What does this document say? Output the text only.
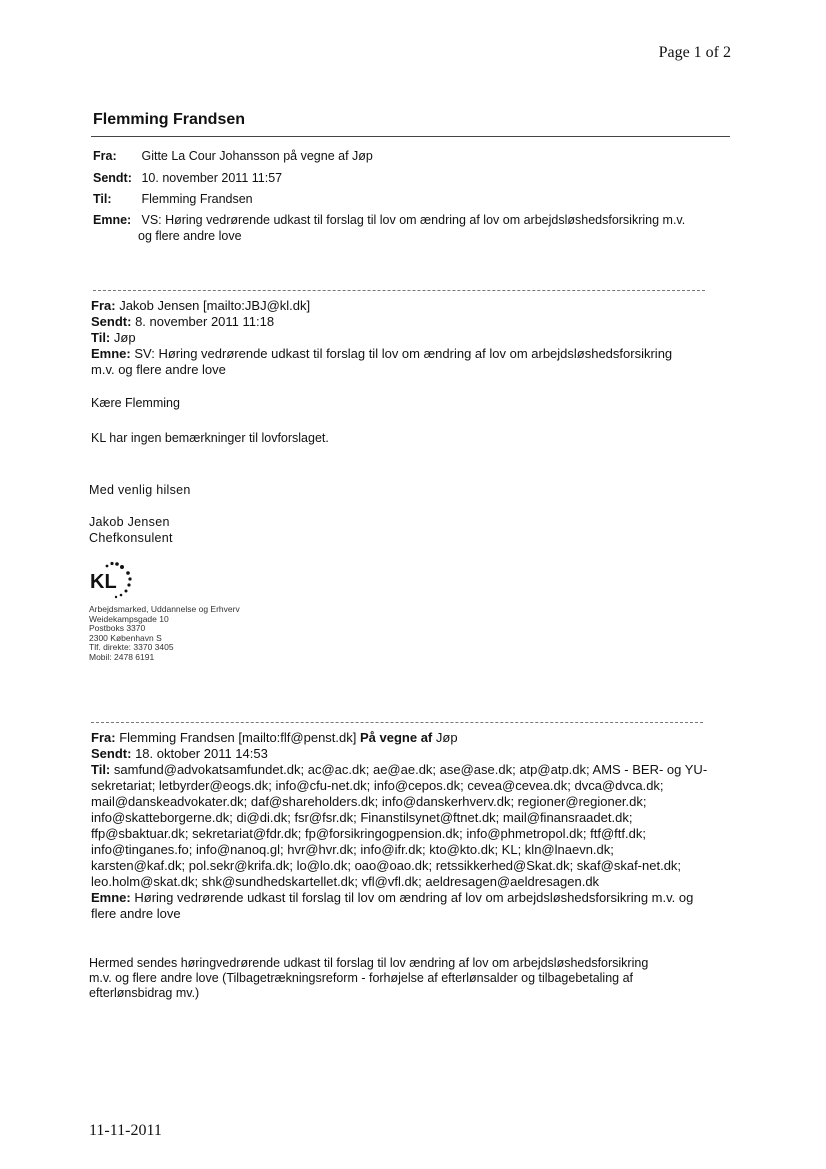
Page 1 of 2
Flemming Frandsen
Fra: Gitte La Cour Johansson på vegne af Jøp
Sendt: 10. november 2011 11:57
Til: Flemming Frandsen
Emne: VS: Høring vedrørende udkast til forslag til lov om ændring af lov om arbejdsløshedsforsikring m.v.
og flere andre love
Fra: Jakob Jensen [mailto:JBJ@kl.dk]
Sendt: 8. november 2011 11:18
Til: Jøp
Emne: SV: Høring vedrørende udkast til forslag til lov om ændring af lov om arbejdsløshedsforsikring
m.v. og flere andre love
Kære Flemming
KL har ingen bemærkninger til lovforslaget.
Med venlig hilsen
Jakob Jensen
Chefkonsulent
KL
Arbejdsmarked, Uddannelse og Erhverv
Weidekampsgade 10
Postboks 3370
2300 København S
Tlf. direkte: 3370 3405
Mobil: 2478 6191
Fra: Flemming Frandsen [mailto:flf@penst.dk] På vegne af Jøp
Sendt: 18. oktober 2011 14:53
Til: samfund@advokatsamfundet.dk; ac@ac.dk; ae@ae.dk; ase@ase.dk; atp@atp.dk; AMS - BER- og YU-
sekretariat; letbyrder@eogs.dk; info@cfu-net.dk; info@cepos.dk; cevea@cevea.dk; dvca@dvca.dk;
mail@danskeadvokater.dk; daf@shareholders.dk; info@danskerhverv.dk; regioner@regioner.dk;
info@skatteborgerne.dk; di@di.dk; fsr@fsr.dk; Finanstilsynet@ftnet.dk; mail@finansraadet.dk;
ffp@sbaktuar.dk; sekretariat@fdr.dk; fp@forsikringogpension.dk; info@phmetropol.dk; ftf@ftf.dk;
info@tinganes.fo; info@nanoq.gl; hvr@hvr.dk; info@ifr.dk; kto@kto.dk; KL; kln@lnaevn.dk;
karsten@kaf.dk; pol.sekr@krifa.dk; lo@lo.dk; oao@oao.dk; retssikkerhed@Skat.dk; skaf@skaf-net.dk;
leo.holm@skat.dk; shk@sundhedskartellet.dk; vfl@vfl.dk; aeldresagen@aeldresagen.dk
Emne: Høring vedrørende udkast til forslag til lov om ændring af lov om arbejdsløshedsforsikring m.v. og
flere andre love
Hermed sendes høringvedrørende udkast til forslag til lov ændring af lov om arbejdsløshedsforsikring
m.v. og flere andre love (Tilbagetrækningsreform - forhøjelse af efterlønsalder og tilbagebetaling af
efterlønsbidrag mv.)
11-11-2011
